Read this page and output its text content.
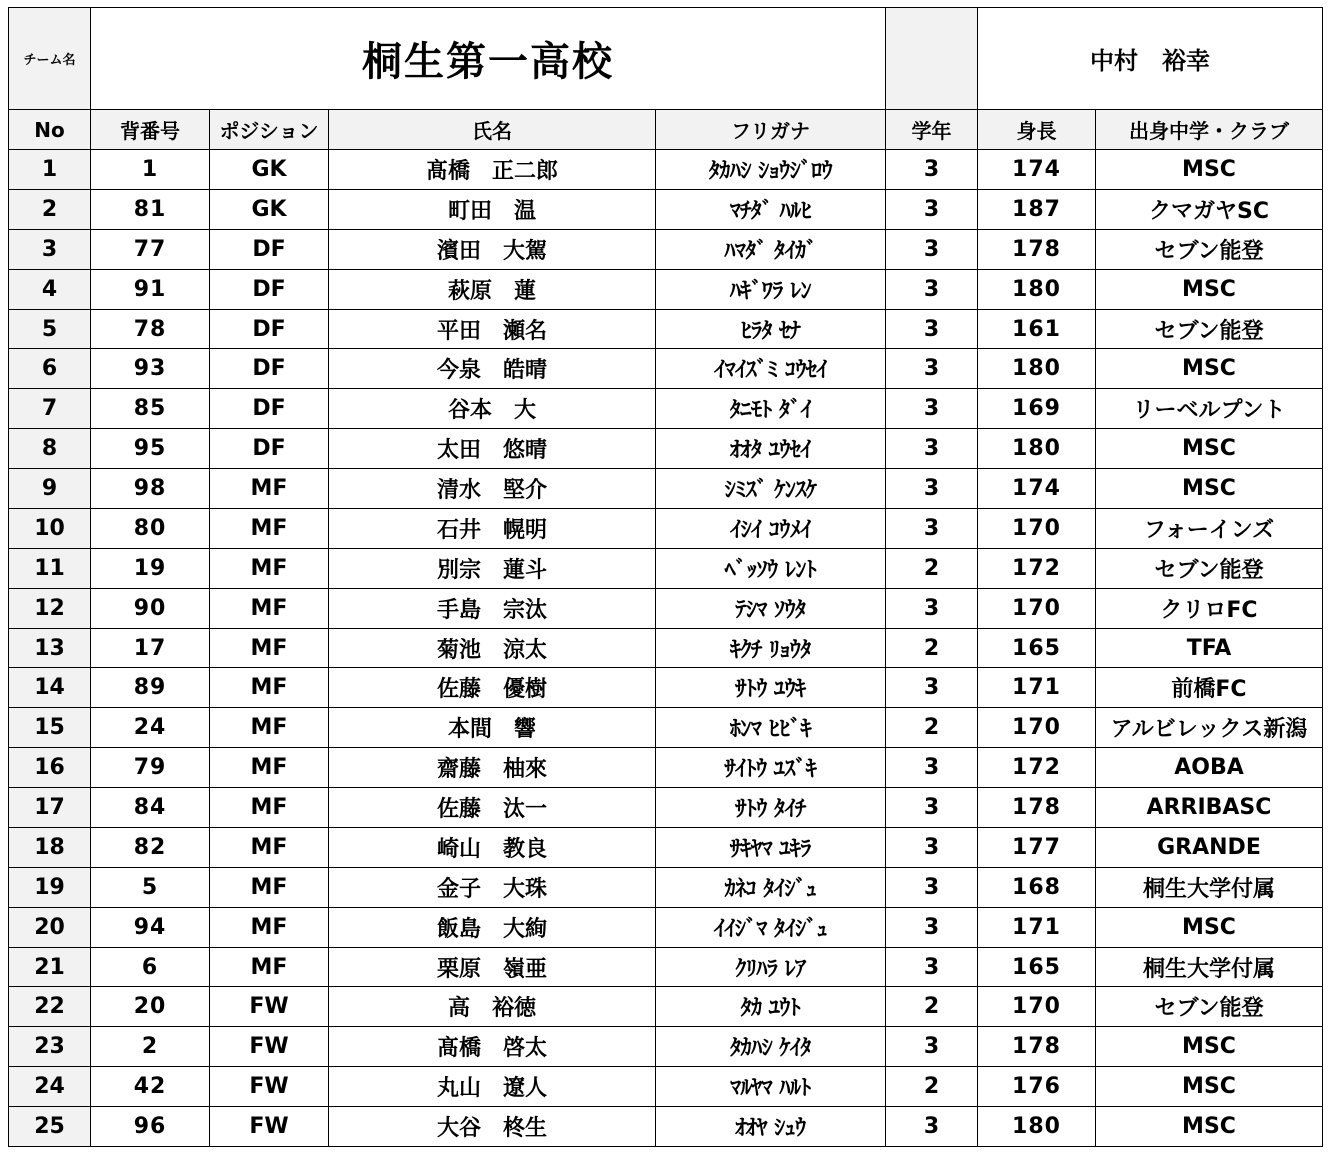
チーム名	桐生第一高校					中村　裕幸	
No	背番号	ポジション	氏名	フリガナ	学年	身長	出身中学・クラブ
1	1	GK	髙橋　正二郎	ﾀｶﾊｼ ｼｮｳｼﾞﾛｳ	3	174	MSC
2	81	GK	町田　温	ﾏﾁﾀﾞ ﾊﾙﾋ	3	187	クマガヤSC
3	77	DF	濱田　大駕	ﾊﾏﾀﾞ ﾀｲｶﾞ	3	178	セブン能登
4	91	DF	萩原　蓮	ﾊｷﾞﾜﾗ ﾚﾝ	3	180	MSC
5	78	DF	平田　瀬名	ﾋﾗﾀ ｾﾅ	3	161	セブン能登
6	93	DF	今泉　皓晴	ｲﾏｲｽﾞﾐ ｺｳｾｲ	3	180	MSC
7	85	DF	谷本　大	ﾀﾆﾓﾄ ﾀﾞｲ	3	169	リーベルプント
8	95	DF	太田　悠晴	ｵｵﾀ ﾕｳｾｲ	3	180	MSC
9	98	MF	清水　堅介	ｼﾐｽﾞ ｹﾝｽｹ	3	174	MSC
10	80	MF	石井　幌明	ｲｼｲ ｺｳﾒｲ	3	170	フォーインズ
11	19	MF	別宗　蓮斗	ﾍﾞｯｿｳ ﾚﾝﾄ	2	172	セブン能登
12	90	MF	手島　宗汰	ﾃｼﾏ ｿｳﾀ	3	170	クリロFC
13	17	MF	菊池　涼太	ｷｸﾁ ﾘｮｳﾀ	2	165	TFA
14	89	MF	佐藤　優樹	ｻﾄｳ ﾕｳｷ	3	171	前橋FC
15	24	MF	本間　響	ﾎﾝﾏ ﾋﾋﾞｷ	2	170	アルビレックス新潟
16	79	MF	齋藤　柚來	ｻｲﾄｳ ﾕｽﾞｷ	3	172	AOBA
17	84	MF	佐藤　汰一	ｻﾄｳ ﾀｲﾁ	3	178	ARRIBASC
18	82	MF	崎山　教良	ｻｷﾔﾏ ﾕｷﾗ	3	177	GRANDE
19	5	MF	金子　大珠	ｶﾈｺ ﾀｲｼﾞｭ	3	168	桐生大学付属
20	94	MF	飯島　大絢	ｲｲｼﾞﾏ ﾀｲｼﾞｭ	3	171	MSC
21	6	MF	栗原　嶺亜	ｸﾘﾊﾗ ﾚｱ	3	165	桐生大学付属
22	20	FW	高　裕徳	ﾀｶ ﾕｳﾄ	2	170	セブン能登
23	2	FW	髙橋　啓太	ﾀｶﾊｼ ｹｲﾀ	3	178	MSC
24	42	FW	丸山　遼人	ﾏﾙﾔﾏ ﾊﾙﾄ	2	176	MSC
25	96	FW	大谷　柊生	ｵｵﾔ ｼｭｳ	3	180	MSC
